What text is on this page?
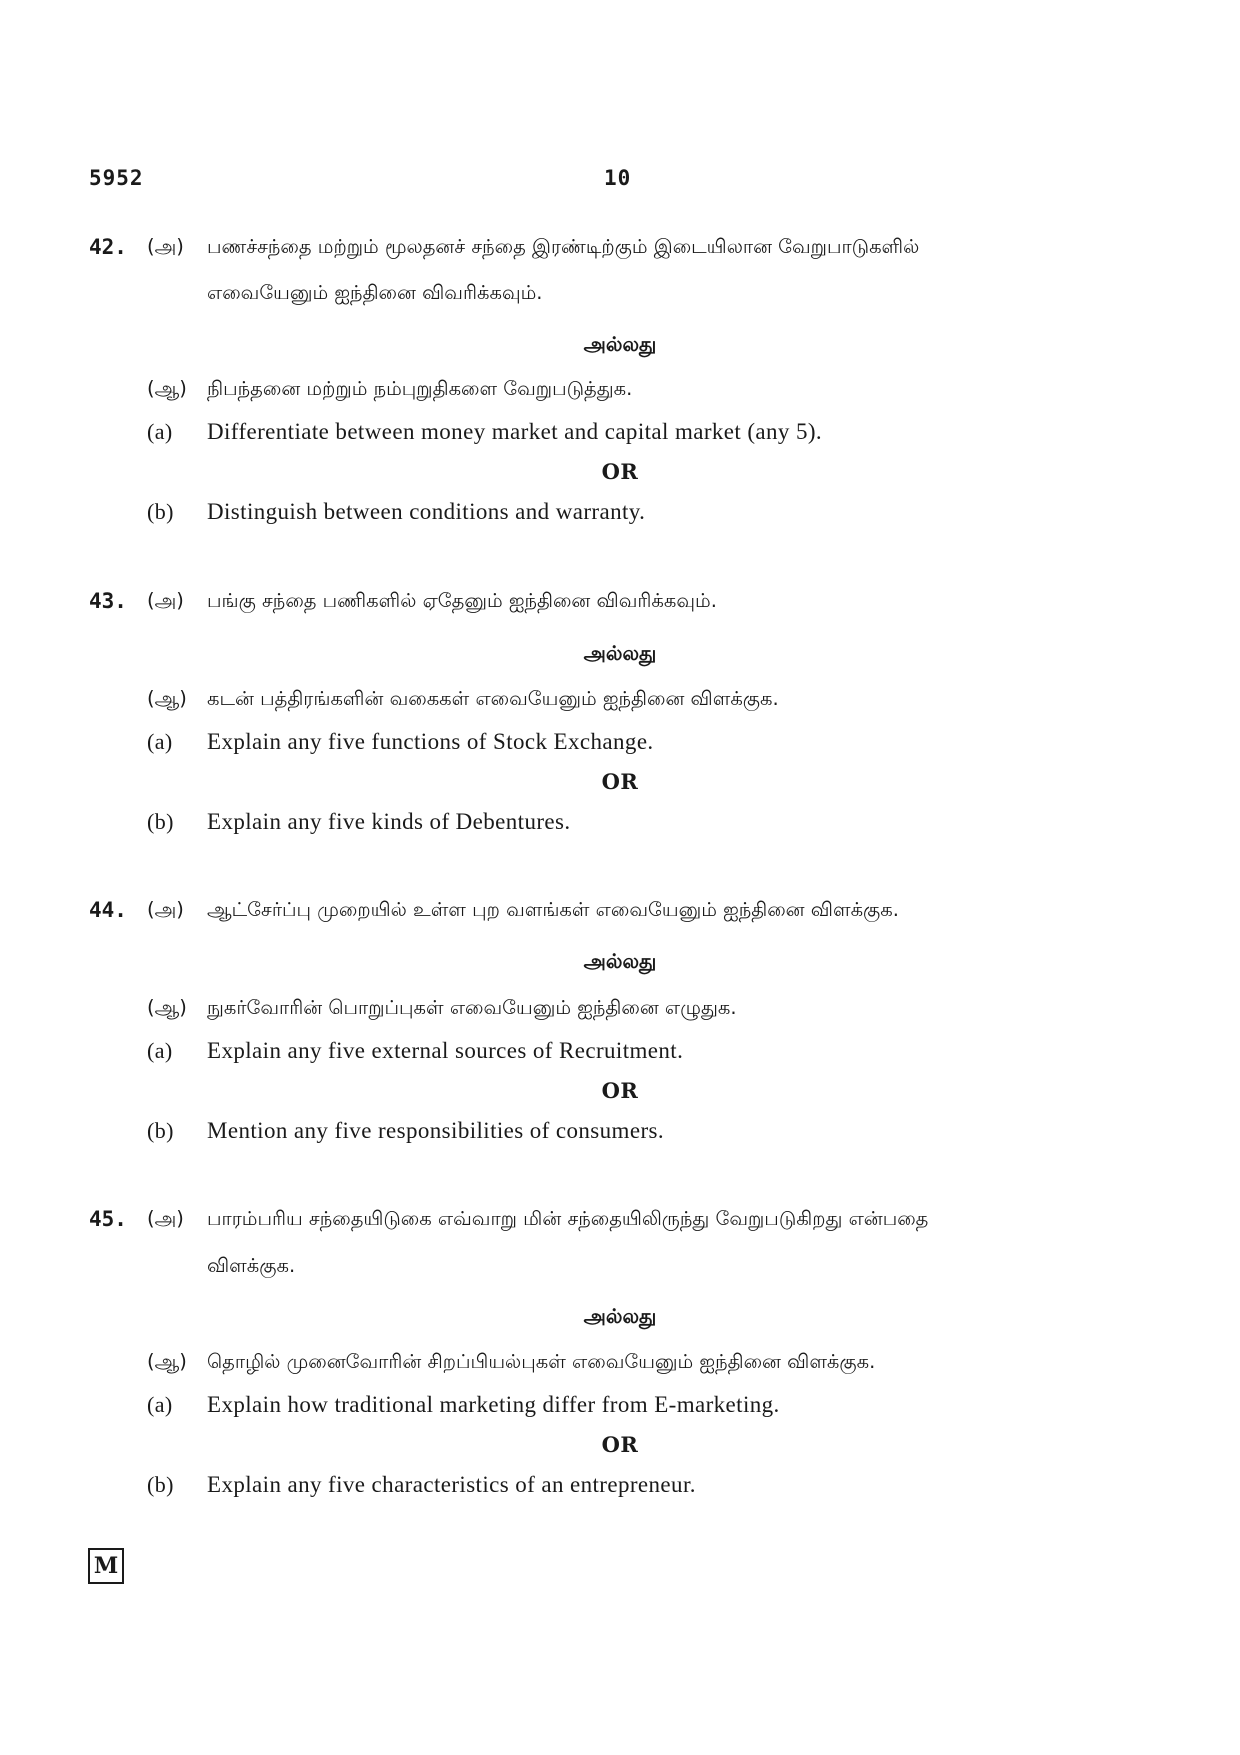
5952	10
42. (அ) பணச்சந்தை மற்றும் மூலதனச் சந்தை இரண்டிற்கும் இடையிலான வேறுபாடுகளில்
எவையேனும் ஐந்தினை விவரிக்கவும்.
அல்லது
(ஆ) நிபந்தனை மற்றும் நம்புறுதிகளை வேறுபடுத்துக.
(a) Differentiate between money market and capital market (any 5).
OR
(b) Distinguish between conditions and warranty.
43. (அ) பங்கு சந்தை பணிகளில் ஏதேனும் ஐந்தினை விவரிக்கவும்.
அல்லது
(ஆ) கடன் பத்திரங்களின் வகைகள் எவையேனும் ஐந்தினை விளக்குக.
(a) Explain any five functions of Stock Exchange.
OR
(b) Explain any five kinds of Debentures.
44. (அ) ஆட்சேர்ப்பு முறையில் உள்ள புற வளங்கள் எவையேனும் ஐந்தினை விளக்குக.
அல்லது
(ஆ) நுகர்வோரின் பொறுப்புகள் எவையேனும் ஐந்தினை எழுதுக.
(a) Explain any five external sources of Recruitment.
OR
(b) Mention any five responsibilities of consumers.
45. (அ) பாரம்பரிய சந்தையிடுகை எவ்வாறு மின் சந்தையிலிருந்து வேறுபடுகிறது என்பதை
விளக்குக.
அல்லது
(ஆ) தொழில் முனைவோரின் சிறப்பியல்புகள் எவையேனும் ஐந்தினை விளக்குக.
(a) Explain how traditional marketing differ from E-marketing.
OR
(b) Explain any five characteristics of an entrepreneur.
M
